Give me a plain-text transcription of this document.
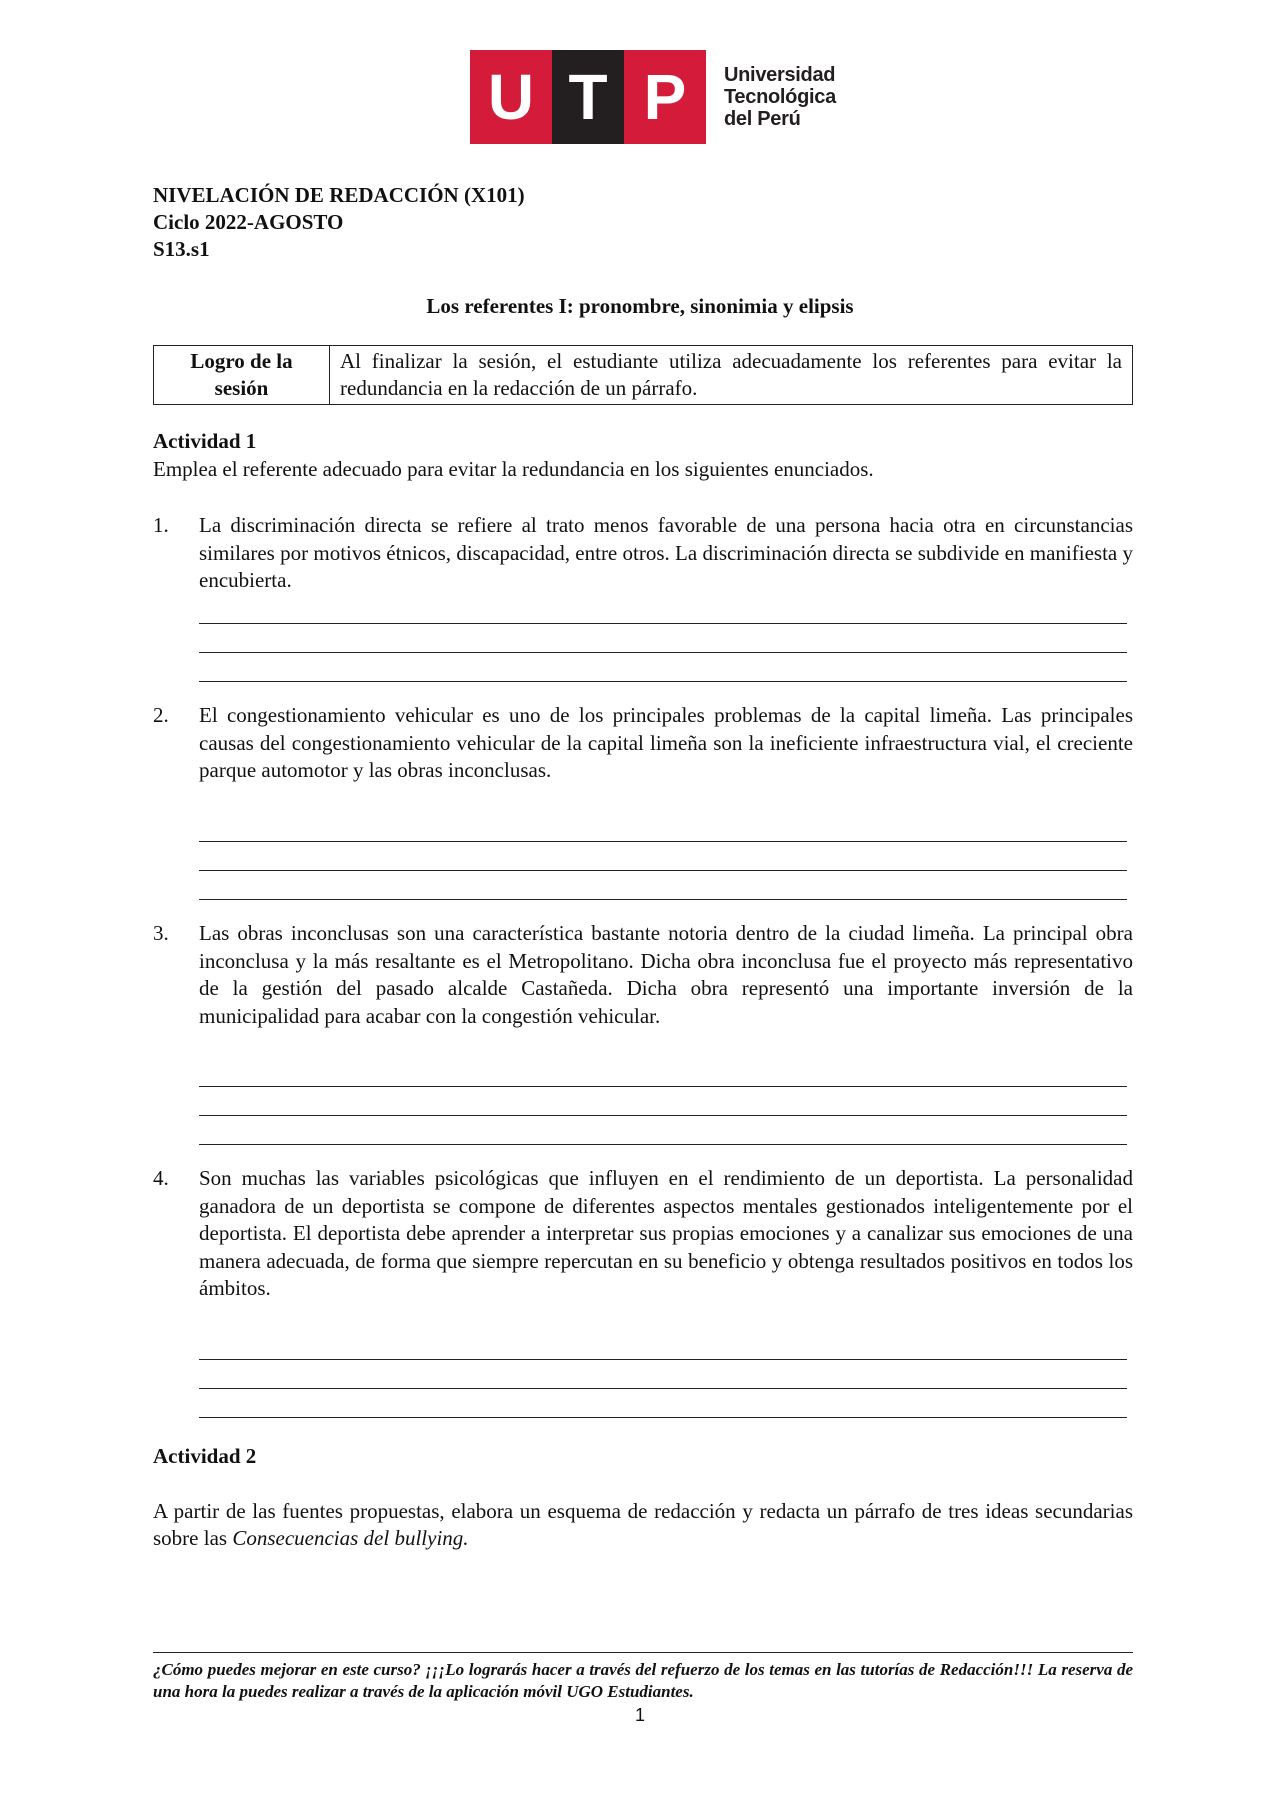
U T P	Universidad
Tecnológica
del Perú
NIVELACIÓN DE REDACCIÓN (X101)
Ciclo 2022-AGOSTO
S13.s1
Los referentes I: pronombre, sinonimia y elipsis
Logro de la sesión	Al finalizar la sesión, el estudiante utiliza adecuadamente los referentes para evitar la redundancia en la redacción de un párrafo.
Actividad 1
Emplea el referente adecuado para evitar la redundancia en los siguientes enunciados.
1. La discriminación directa se refiere al trato menos favorable de una persona hacia otra en circunstancias similares por motivos étnicos, discapacidad, entre otros. La discriminación directa se subdivide en manifiesta y encubierta.
2. El congestionamiento vehicular es uno de los principales problemas de la capital limeña. Las principales causas del congestionamiento vehicular de la capital limeña son la ineficiente infraestructura vial, el creciente parque automotor y las obras inconclusas.
3. Las obras inconclusas son una característica bastante notoria dentro de la ciudad limeña. La principal obra inconclusa y la más resaltante es el Metropolitano. Dicha obra inconclusa fue el proyecto más representativo de la gestión del pasado alcalde Castañeda. Dicha obra representó una importante inversión de la municipalidad para acabar con la congestión vehicular.
4. Son muchas las variables psicológicas que influyen en el rendimiento de un deportista. La personalidad ganadora de un deportista se compone de diferentes aspectos mentales gestionados inteligentemente por el deportista. El deportista debe aprender a interpretar sus propias emociones y a canalizar sus emociones de una manera adecuada, de forma que siempre repercutan en su beneficio y obtenga resultados positivos en todos los ámbitos.
Actividad 2
A partir de las fuentes propuestas, elabora un esquema de redacción y redacta un párrafo de tres ideas secundarias sobre las Consecuencias del bullying.
¿Cómo puedes mejorar en este curso? ¡¡¡Lo lograrás hacer a través del refuerzo de los temas en las tutorías de Redacción!!! La reserva de una hora la puedes realizar a través de la aplicación móvil UGO Estudiantes.
1
